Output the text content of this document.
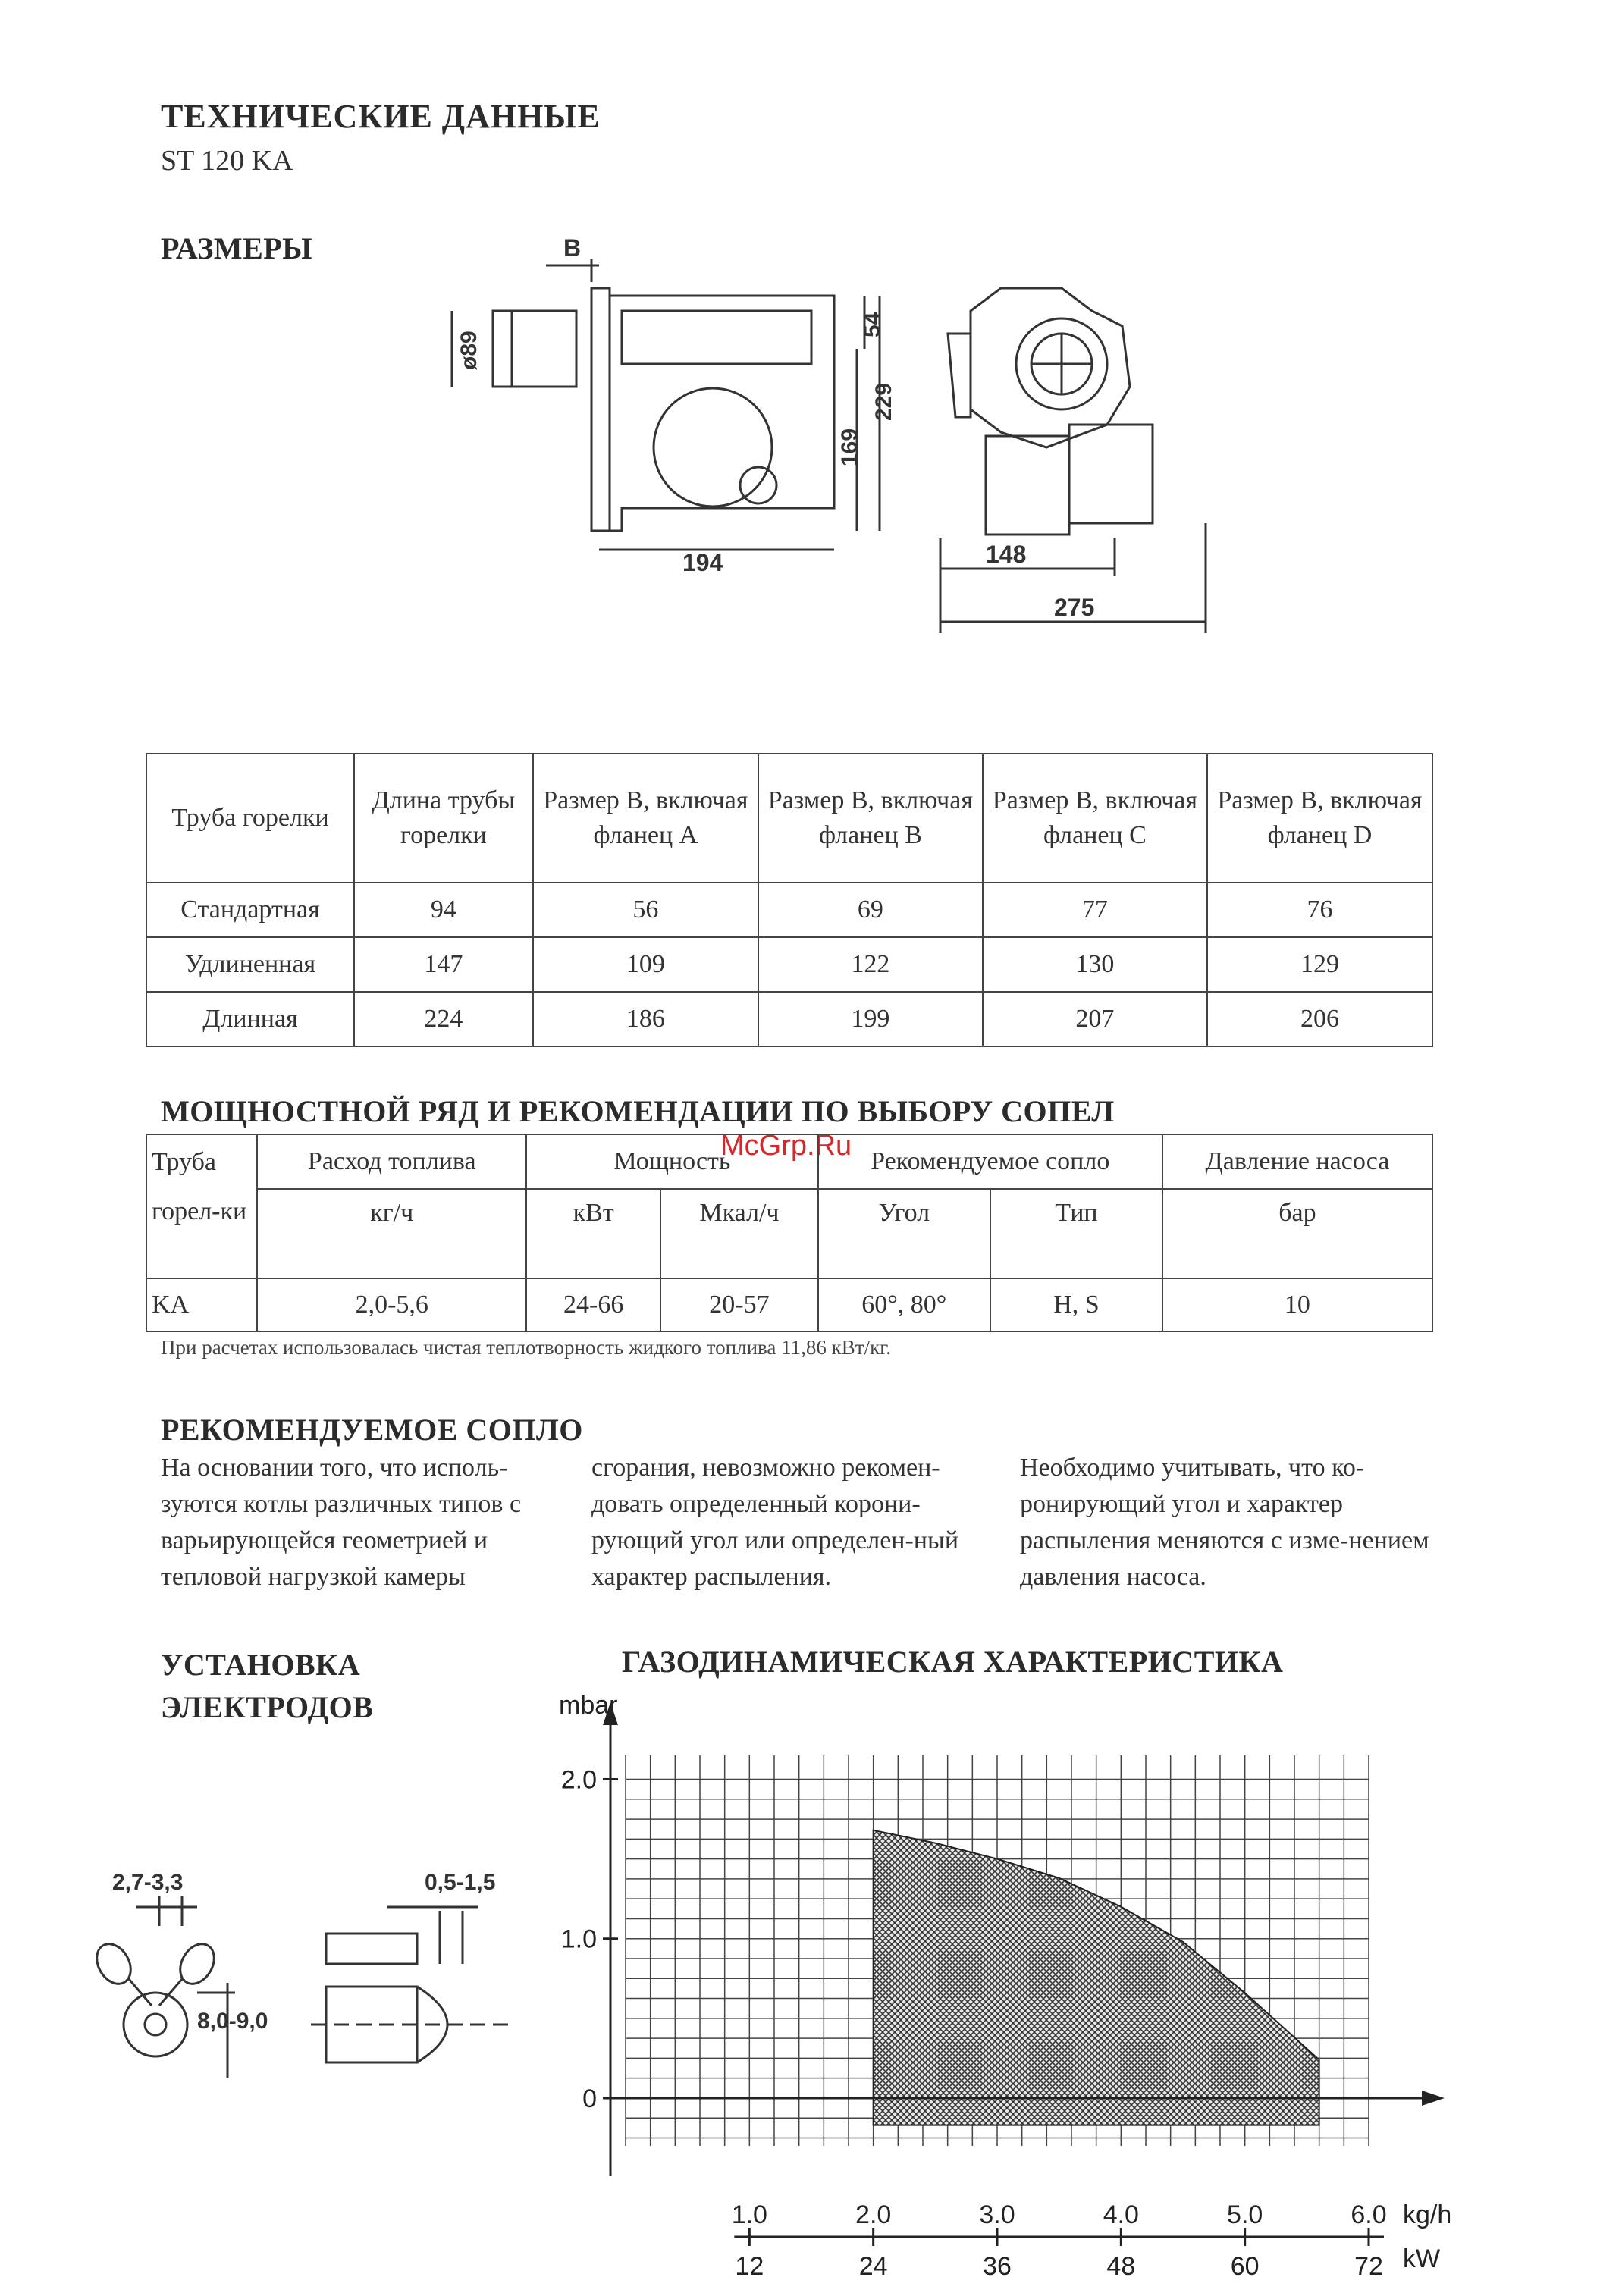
ТЕХНИЧЕСКИЕ ДАННЫЕ
ST 120 KA
РАЗМЕРЫ	B
ø89
54
169
229
194	148
275
Труба горелки	Длина трубы горелки	Размер B, включая фланец A	Размер B, включая фланец B	Размер B, включая фланец C	Размер B, включая фланец D
Стандартная	94	56	69	77	76
Удлиненная	147	109	122	130	129
Длинная	224	186	199	207	206
МОЩНОСТНОЙ РЯД И РЕКОМЕНДАЦИИ ПО ВЫБОРУ СОПЕЛ
McGrp.Ru
Труба	Расход топлива	Мощность		Рекомендуемое сопло		Давление насоса
горел-ки	кг/ч	кВт	Мкал/ч	Угол	Тип	бар
KA	2,0-5,6	24-66	20-57	60°, 80°	H, S	10
При расчетах использовалась чистая теплотворность жидкого топлива 11,86 кВт/кг.
РЕКОМЕНДУЕМОЕ СОПЛО
На основании того, что исполь-зуются котлы различных типов с варьирующейся геометрией и тепловой нагрузкой камеры
сгорания, невозможно рекомен-довать определенный корони-рующий угол или определен-ный характер распыления.
Необходимо учитывать, что ко-ронирующий угол и характер распыления меняются с изме-нением давления насоса.
УСТАНОВКА
ЭЛЕКТРОДОВ
2,7-3,3
8,0-9,0
0,5-1,5
ГАЗОДИНАМИЧЕСКАЯ ХАРАКТЕРИСТИКА
2.0
1.0
0
1.0	2.0	3.0	4.0	5.0	6.0
12	24	36	48	60	72
mbar
kg/h
kW
